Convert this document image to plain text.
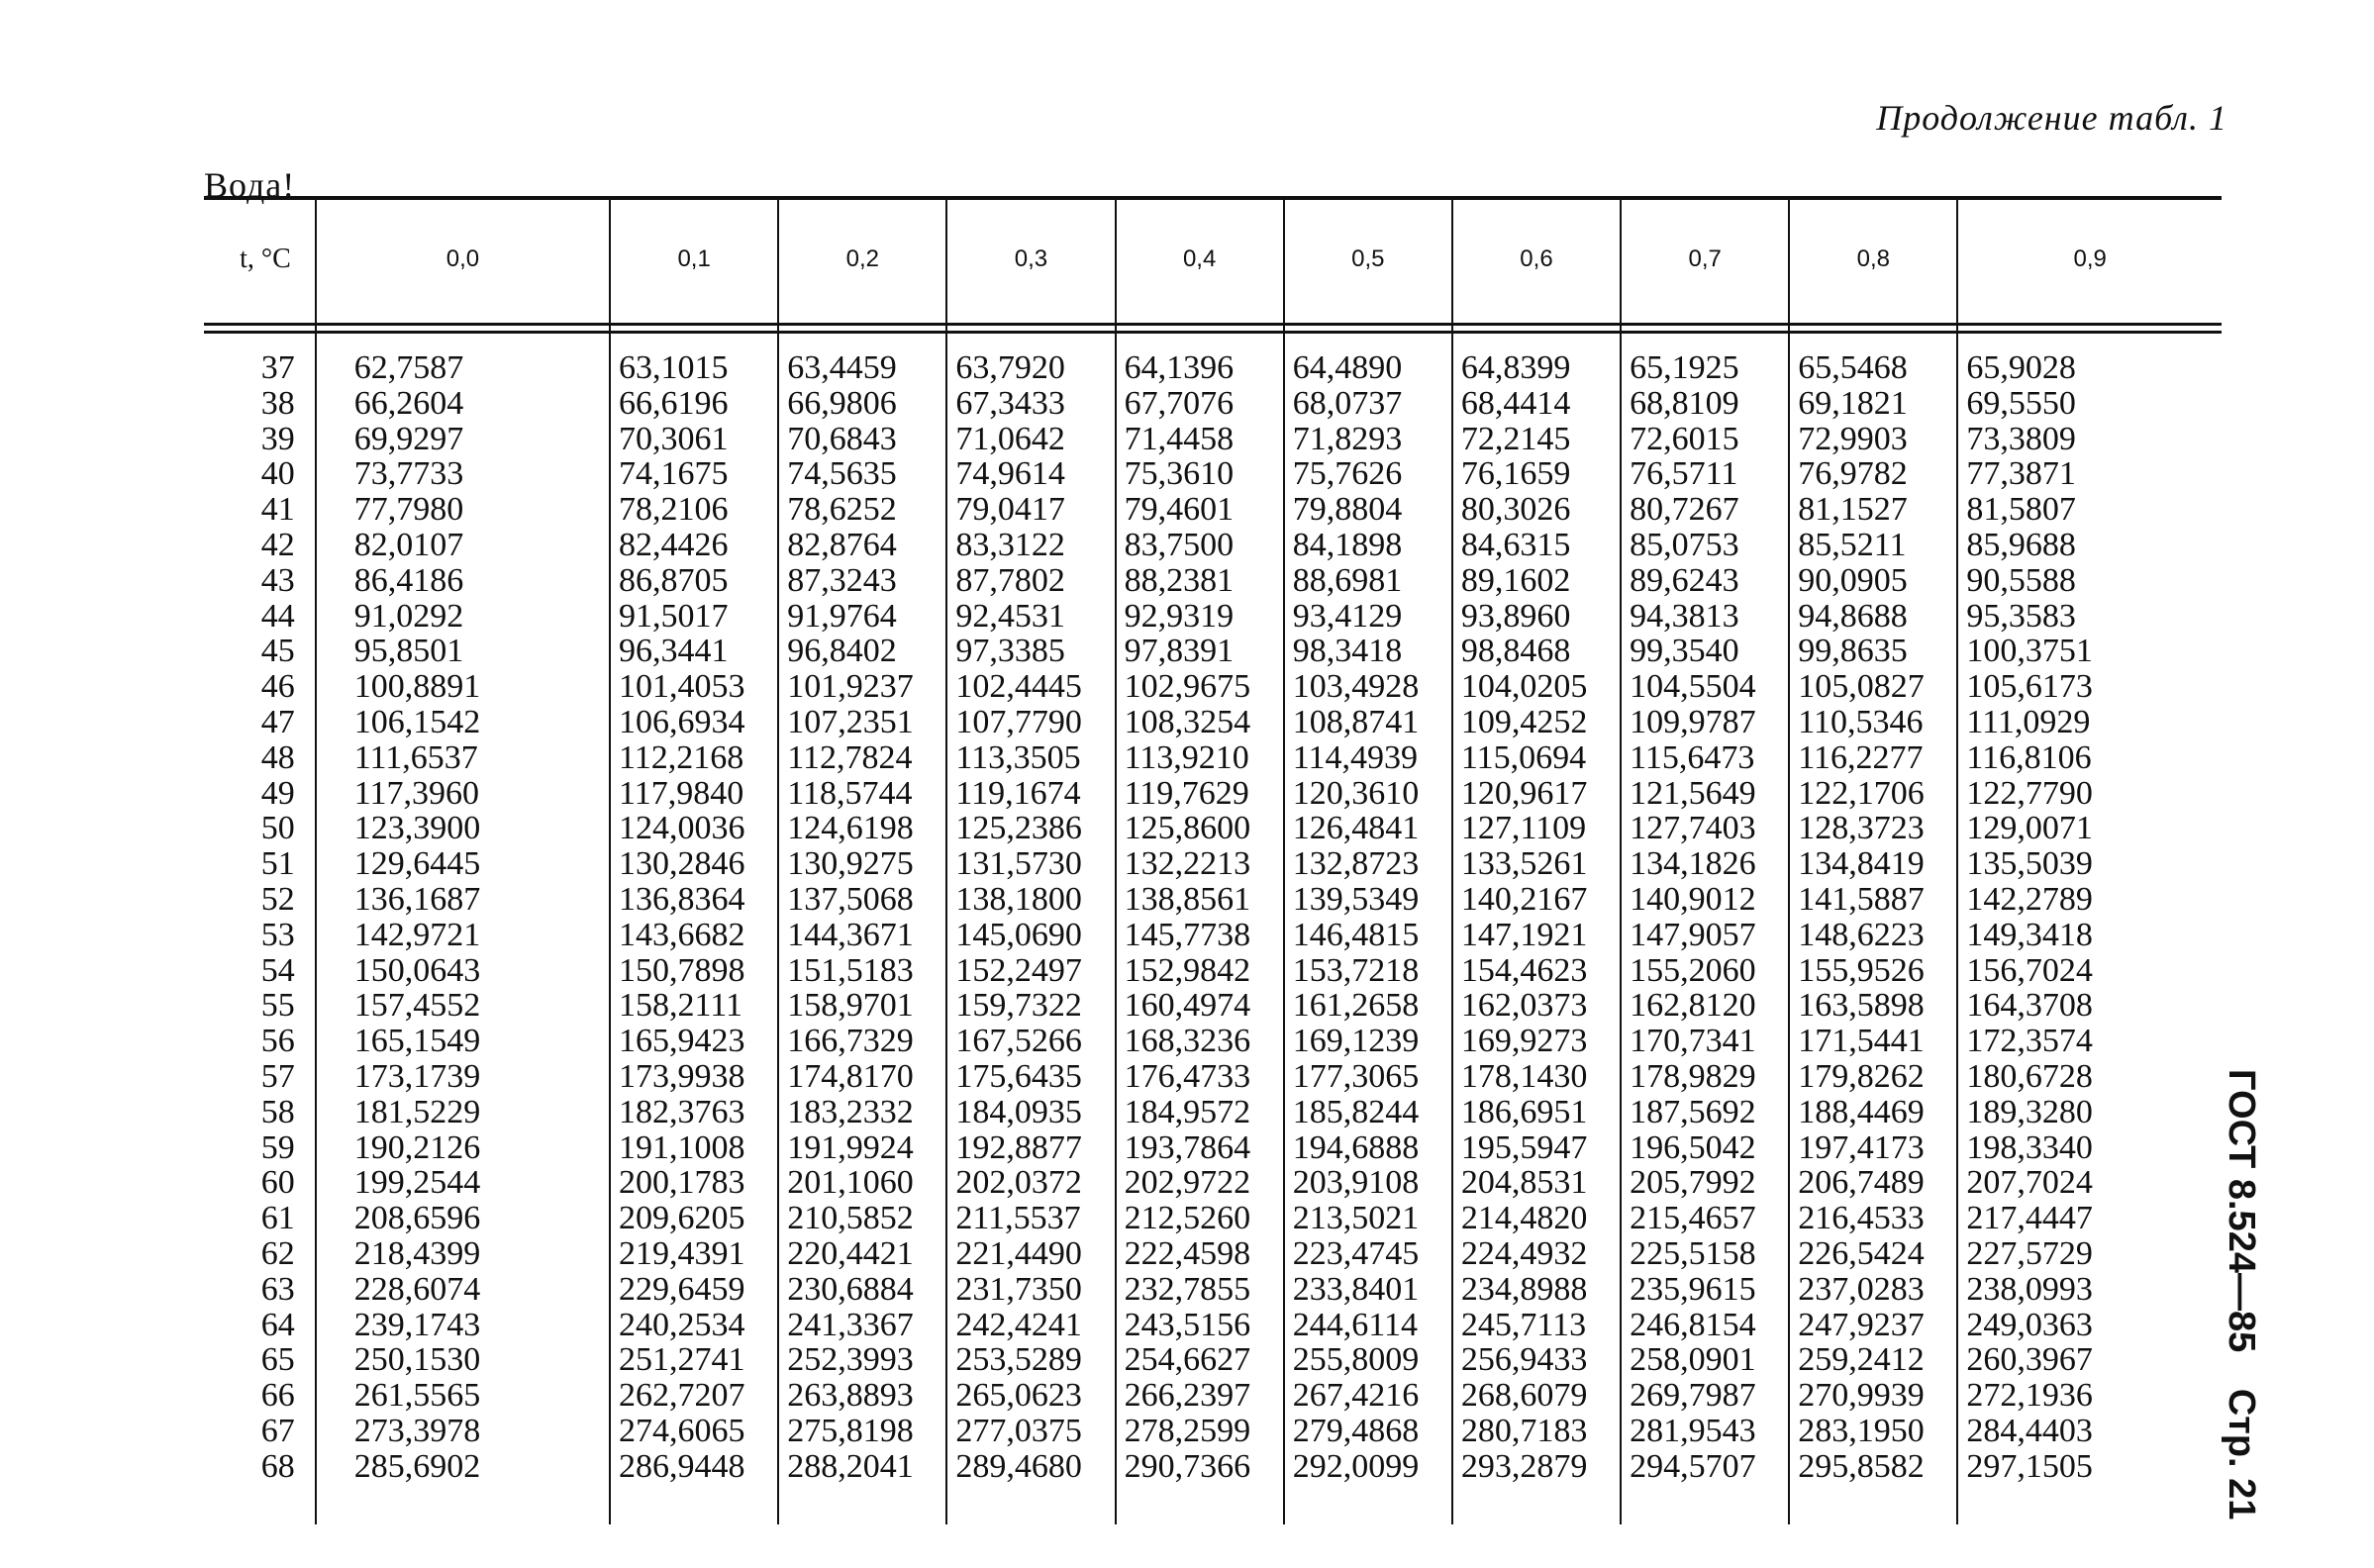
Продолжение табл. 1
Вода!
t, °C	0,0	0,1	0,2	0,3	0,4	0,5	0,6	0,7	0,8	0,9

37	62,7587	63,1015	63,4459	63,7920	64,1396	64,4890	64,8399	65,1925	65,5468	65,9028
38	66,2604	66,6196	66,9806	67,3433	67,7076	68,0737	68,4414	68,8109	69,1821	69,5550
39	69,9297	70,3061	70,6843	71,0642	71,4458	71,8293	72,2145	72,6015	72,9903	73,3809
40	73,7733	74,1675	74,5635	74,9614	75,3610	75,7626	76,1659	76,5711	76,9782	77,3871
41	77,7980	78,2106	78,6252	79,0417	79,4601	79,8804	80,3026	80,7267	81,1527	81,5807
42	82,0107	82,4426	82,8764	83,3122	83,7500	84,1898	84,6315	85,0753	85,5211	85,9688
43	86,4186	86,8705	87,3243	87,7802	88,2381	88,6981	89,1602	89,6243	90,0905	90,5588
44	91,0292	91,5017	91,9764	92,4531	92,9319	93,4129	93,8960	94,3813	94,8688	95,3583
45	95,8501	96,3441	96,8402	97,3385	97,8391	98,3418	98,8468	99,3540	99,8635	100,3751
46	100,8891	101,4053	101,9237	102,4445	102,9675	103,4928	104,0205	104,5504	105,0827	105,6173
47	106,1542	106,6934	107,2351	107,7790	108,3254	108,8741	109,4252	109,9787	110,5346	111,0929
48	111,6537	112,2168	112,7824	113,3505	113,9210	114,4939	115,0694	115,6473	116,2277	116,8106
49	117,3960	117,9840	118,5744	119,1674	119,7629	120,3610	120,9617	121,5649	122,1706	122,7790
50	123,3900	124,0036	124,6198	125,2386	125,8600	126,4841	127,1109	127,7403	128,3723	129,0071
51	129,6445	130,2846	130,9275	131,5730	132,2213	132,8723	133,5261	134,1826	134,8419	135,5039
52	136,1687	136,8364	137,5068	138,1800	138,8561	139,5349	140,2167	140,9012	141,5887	142,2789
53	142,9721	143,6682	144,3671	145,0690	145,7738	146,4815	147,1921	147,9057	148,6223	149,3418
54	150,0643	150,7898	151,5183	152,2497	152,9842	153,7218	154,4623	155,2060	155,9526	156,7024
55	157,4552	158,2111	158,9701	159,7322	160,4974	161,2658	162,0373	162,8120	163,5898	164,3708
56	165,1549	165,9423	166,7329	167,5266	168,3236	169,1239	169,9273	170,7341	171,5441	172,3574
57	173,1739	173,9938	174,8170	175,6435	176,4733	177,3065	178,1430	178,9829	179,8262	180,6728
58	181,5229	182,3763	183,2332	184,0935	184,9572	185,8244	186,6951	187,5692	188,4469	189,3280
59	190,2126	191,1008	191,9924	192,8877	193,7864	194,6888	195,5947	196,5042	197,4173	198,3340
60	199,2544	200,1783	201,1060	202,0372	202,9722	203,9108	204,8531	205,7992	206,7489	207,7024
61	208,6596	209,6205	210,5852	211,5537	212,5260	213,5021	214,4820	215,4657	216,4533	217,4447
62	218,4399	219,4391	220,4421	221,4490	222,4598	223,4745	224,4932	225,5158	226,5424	227,5729
63	228,6074	229,6459	230,6884	231,7350	232,7855	233,8401	234,8988	235,9615	237,0283	238,0993
64	239,1743	240,2534	241,3367	242,4241	243,5156	244,6114	245,7113	246,8154	247,9237	249,0363
65	250,1530	251,2741	252,3993	253,5289	254,6627	255,8009	256,9433	258,0901	259,2412	260,3967
66	261,5565	262,7207	263,8893	265,0623	266,2397	267,4216	268,6079	269,7987	270,9939	272,1936
67	273,3978	274,6065	275,8198	277,0375	278,2599	279,4868	280,7183	281,9543	283,1950	284,4403
68	285,6902	286,9448	288,2041	289,4680	290,7366	292,0099	293,2879	294,5707	295,8582	297,1505

ГОСТ 8.524—85 Стр. 21
